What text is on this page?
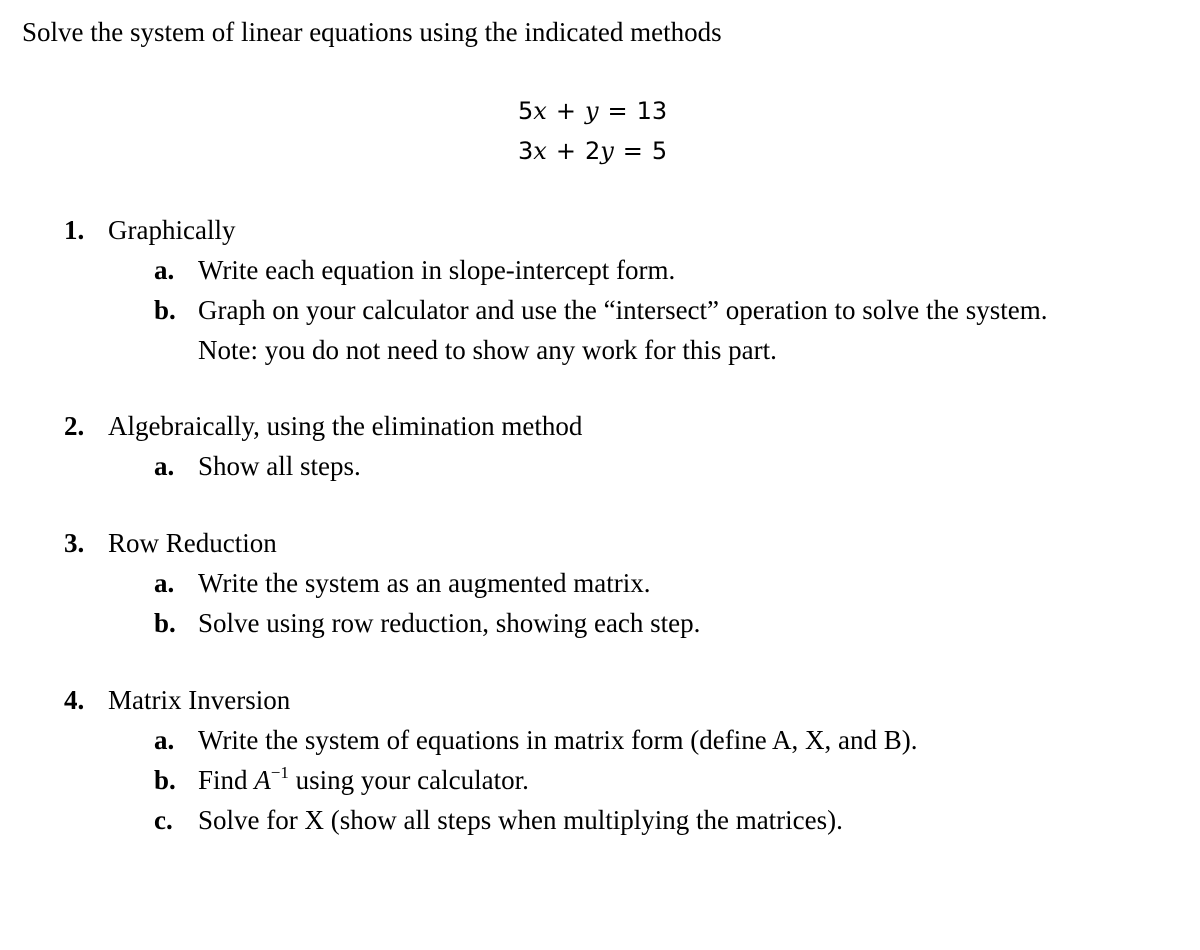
Solve the system of linear equations using the indicated methods
5 x + y = 13
3 x + 2 y = 5
1. Graphically
a. Write each equation in slope-intercept form.
b. Graph on your calculator and use the “intersect” operation to solve the system.
Note: you do not need to show any work for this part.
2. Algebraically, using the elimination method
a. Show all steps.
3. Row Reduction
a. Write the system as an augmented matrix.
b. Solve using row reduction, showing each step.
4. Matrix Inversion
a. Write the system of equations in matrix form (define A, X, and B).
b. Find $A^{-1}$ using your calculator.
c. Solve for X (show all steps when multiplying the matrices).
